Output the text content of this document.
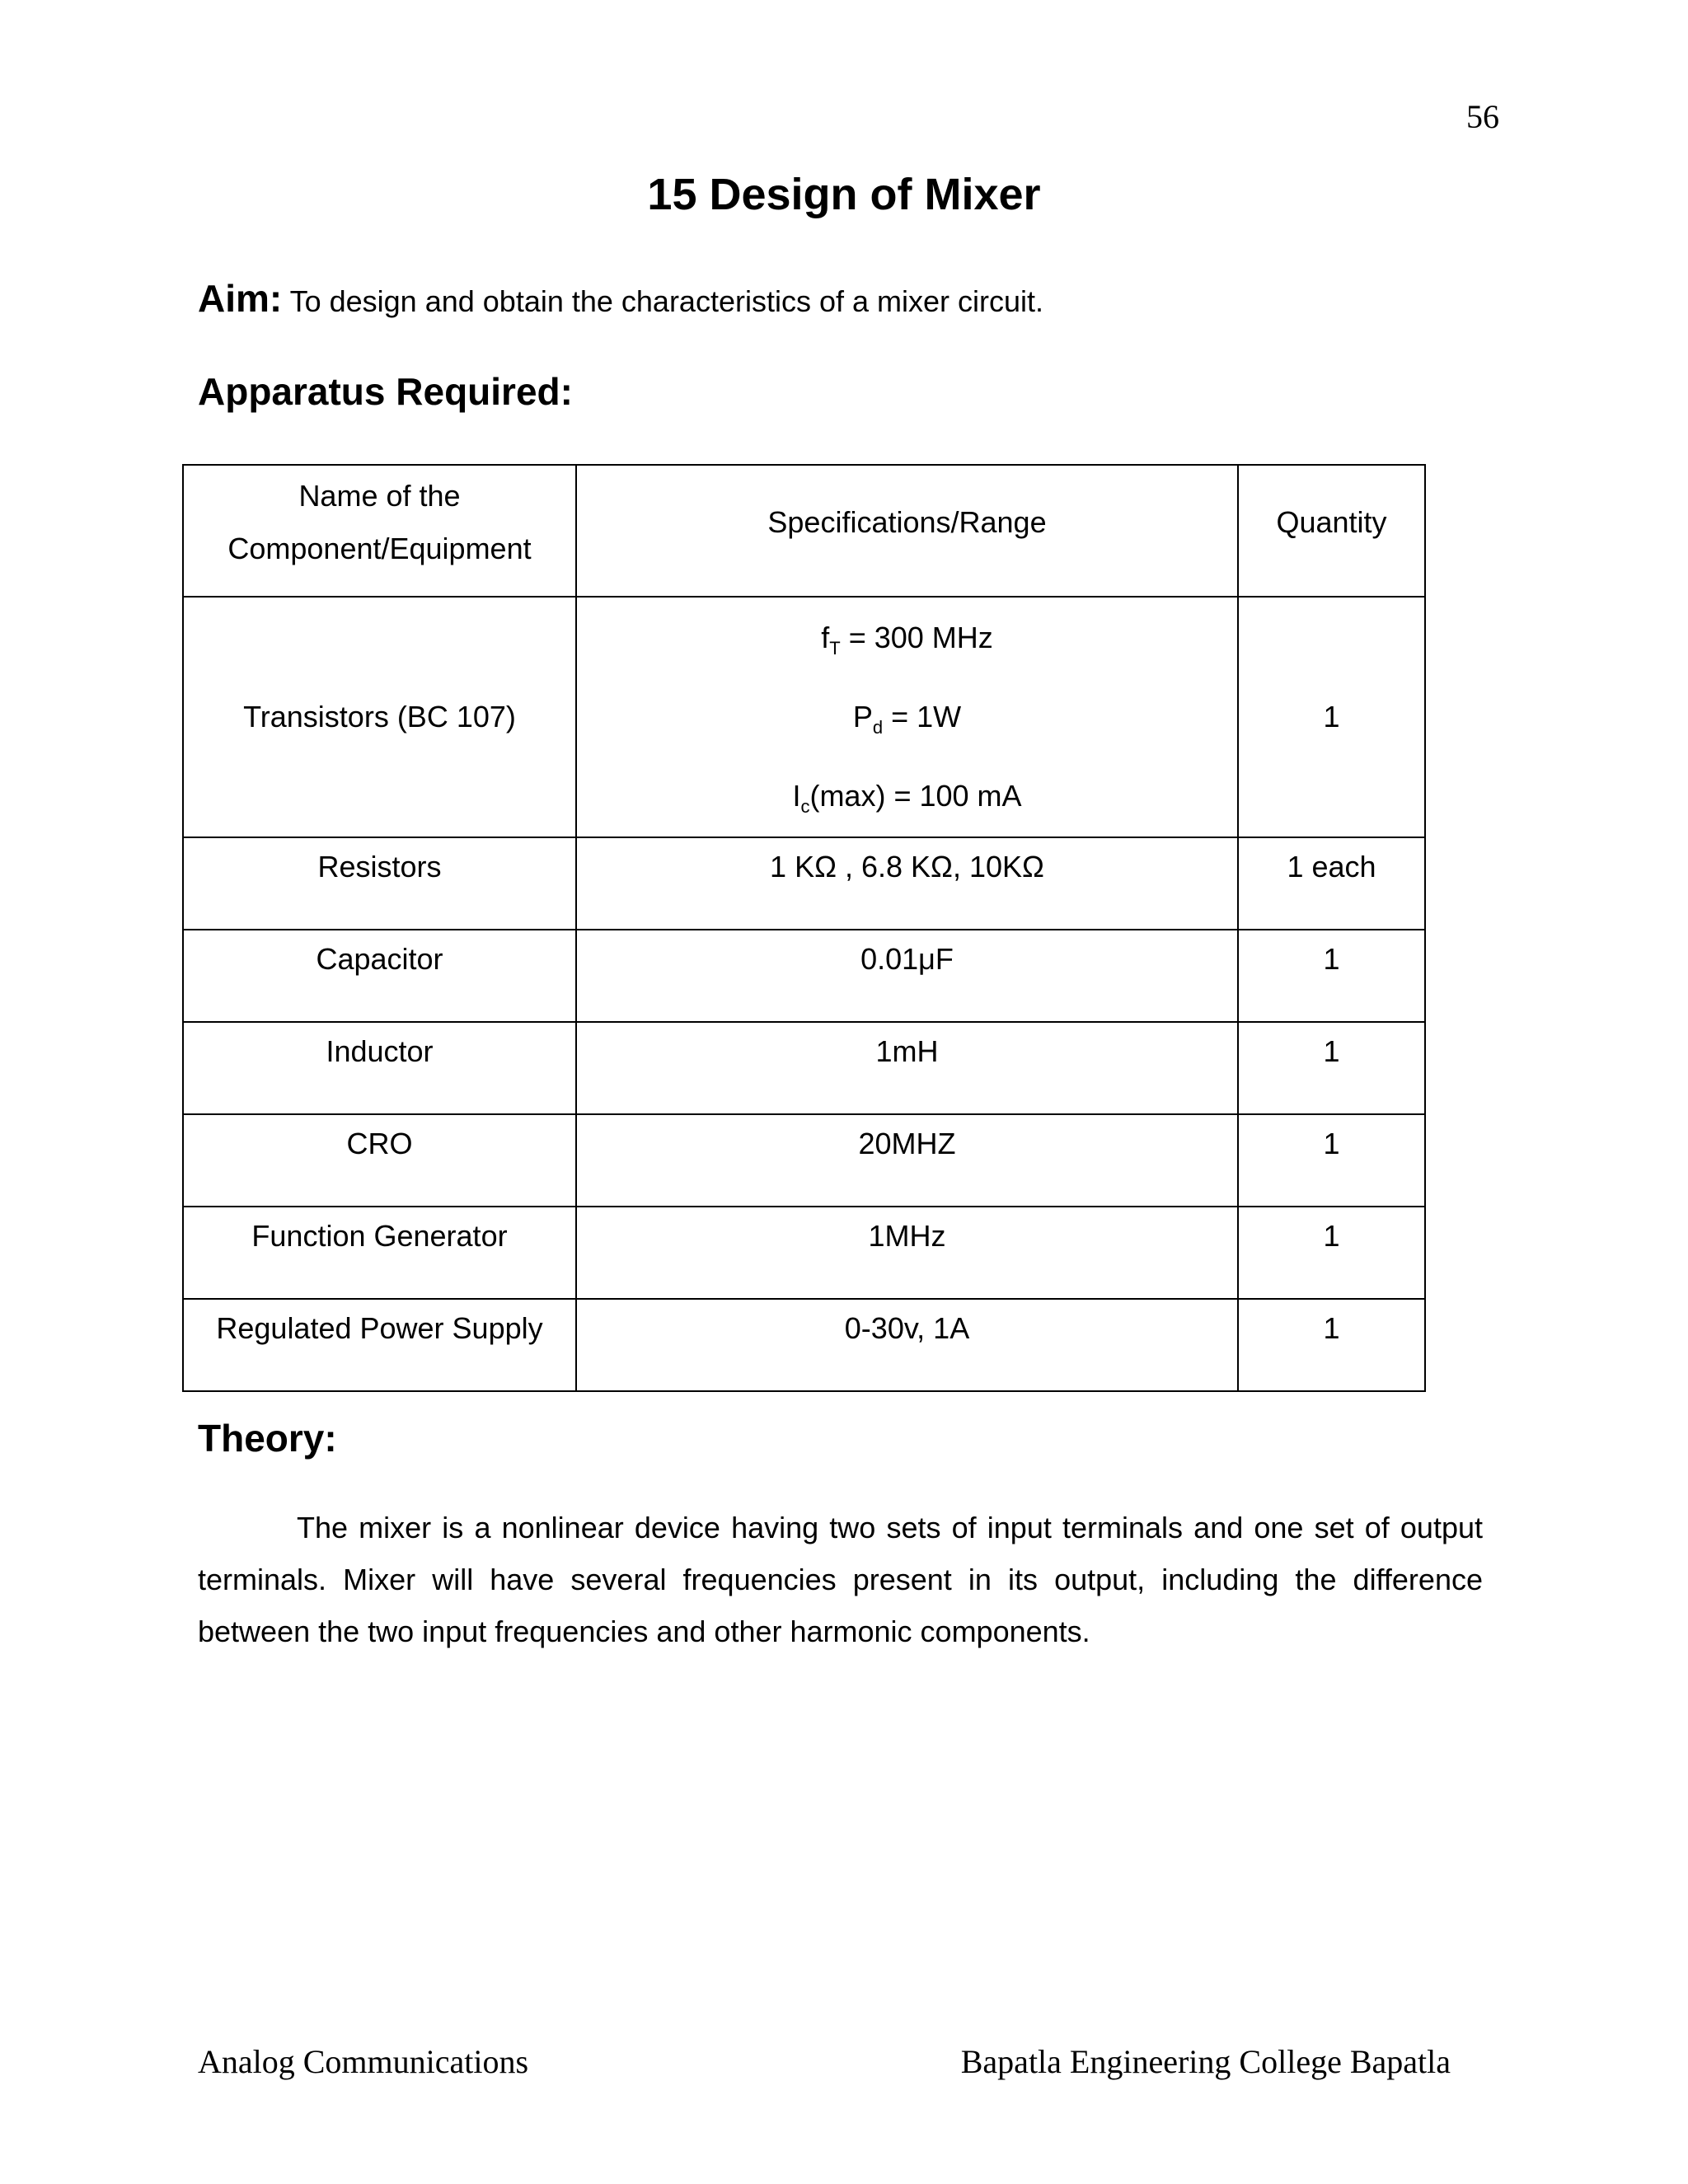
56
15 Design of Mixer
Aim: To design and obtain the characteristics of a mixer circuit.
Apparatus Required:
Name of the
Component/Equipment	Specifications/Range	Quantity

Transistors (BC 107)	$f_T = 300$ MHz
$P_d = 1W$
$I_c(\max) = 100$ mA	1
Resistors	1 KΩ , 6.8 KΩ, 10KΩ	1 each
Capacitor	0.01μF	1
Inductor	1mH	1
CRO	20MHZ	1
Function Generator	1MHz	1
Regulated Power Supply	0-30v, 1A	1
Theory:

The mixer is a nonlinear device having two sets of input terminals and one set of output terminals. Mixer will have several frequencies present in its output, including the difference between the two input frequencies and other harmonic components.

Analog Communications	Bapatla Engineering College Bapatla
